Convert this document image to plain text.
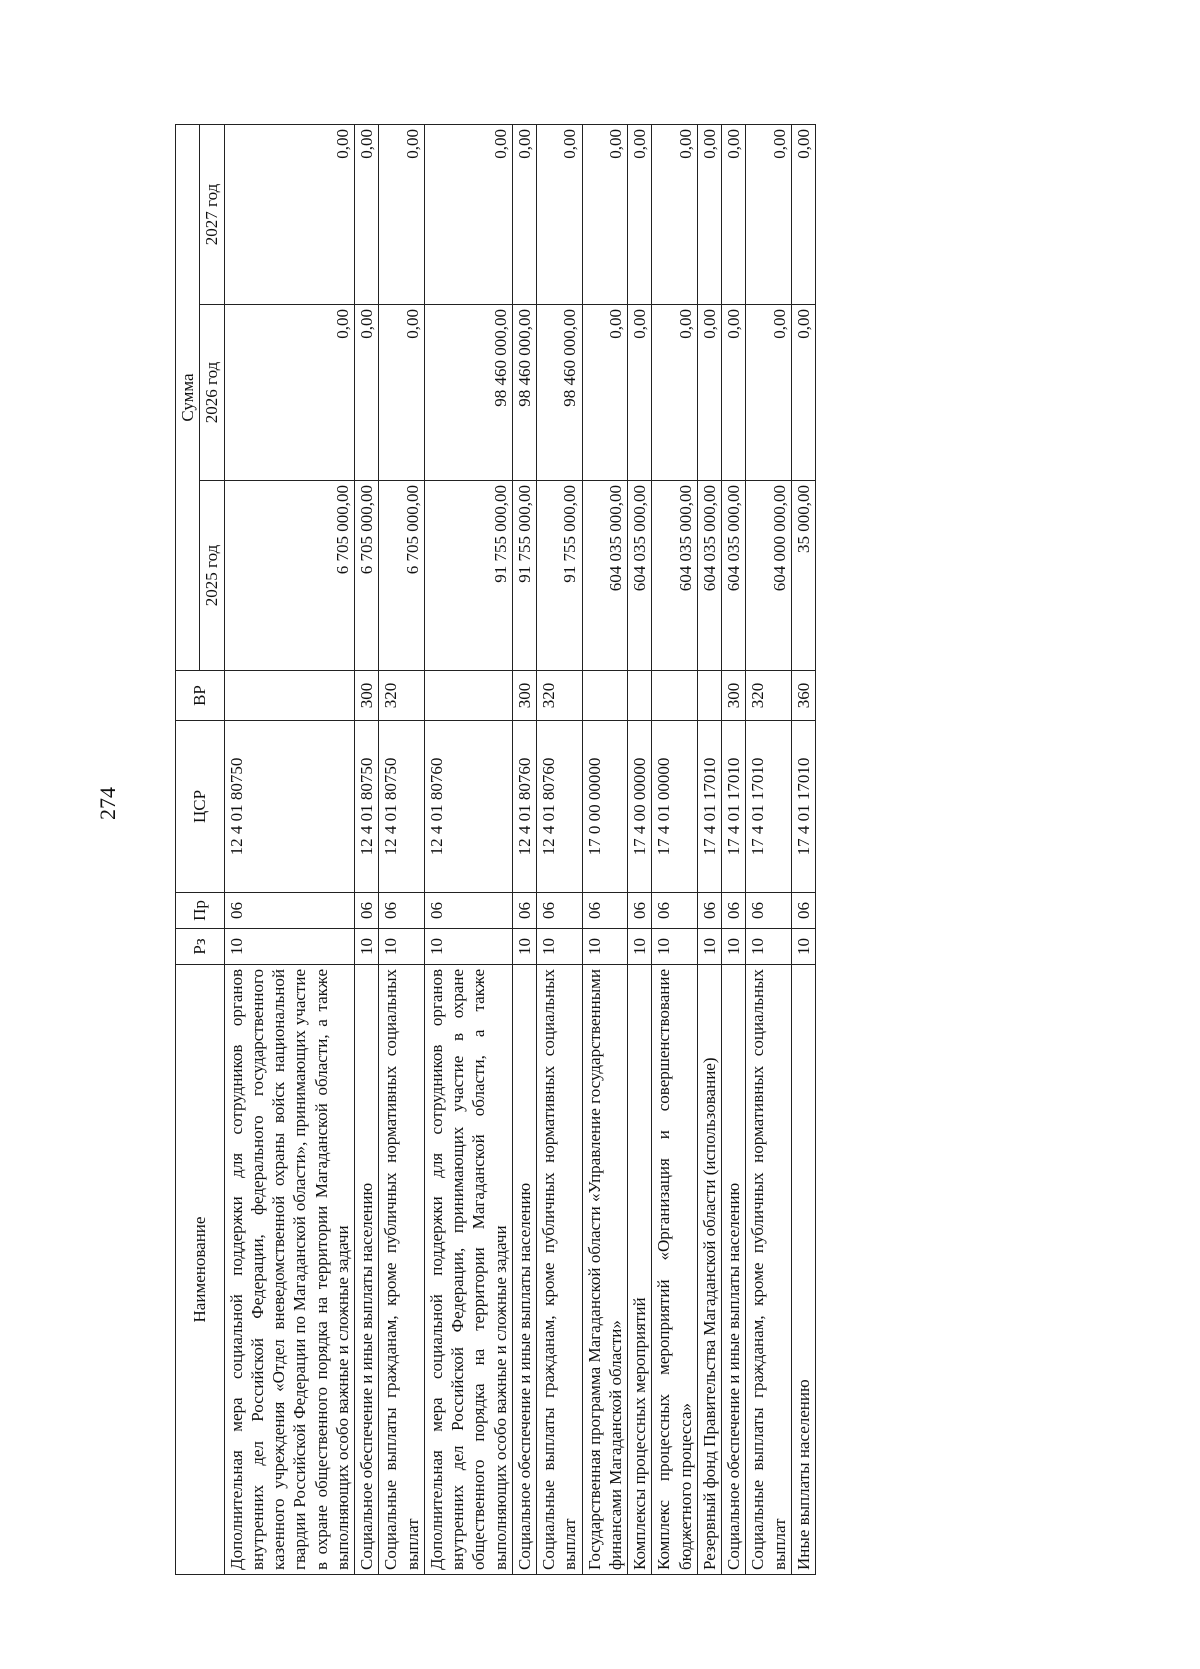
274
Наименование	Рз	Пр	ЦСР	ВР	Сумма		
					2025 год	2026 год	2027 год
Дополнительная мера социальной поддержки для сотрудников органов внутренних дел Российской Федерации, федерального государственного казенного учреждения «Отдел вневедомственной охраны войск национальной гвардии Российской Федерации по Магаданской области», принимающих участие в охране общественного порядка на территории Магаданской области, а также выполняющих особо важные и сложные задачи	10	06	12 4 01 80750		6 705 000,00	0,00	0,00
Социальное обеспечение и иные выплаты населению	10	06	12 4 01 80750	300	6 705 000,00	0,00	0,00
Социальные выплаты гражданам, кроме публичных нормативных социальных выплат	10	06	12 4 01 80750	320	6 705 000,00	0,00	0,00
Дополнительная мера социальной поддержки для сотрудников органов внутренних дел Российской Федерации, принимающих участие в охране общественного порядка на территории Магаданской области, а также выполняющих особо важные и сложные задачи	10	06	12 4 01 80760		91 755 000,00	98 460 000,00	0,00
Социальное обеспечение и иные выплаты населению	10	06	12 4 01 80760	300	91 755 000,00	98 460 000,00	0,00
Социальные выплаты гражданам, кроме публичных нормативных социальных выплат	10	06	12 4 01 80760	320	91 755 000,00	98 460 000,00	0,00
Государственная программа Магаданской области «Управление государственными финансами Магаданской области»	10	06	17 0 00 00000		604 035 000,00	0,00	0,00
Комплексы процессных мероприятий	10	06	17 4 00 00000		604 035 000,00	0,00	0,00
Комплекс процессных мероприятий «Организация и совершенствование бюджетного процесса»	10	06	17 4 01 00000		604 035 000,00	0,00	0,00
Резервный фонд Правительства Магаданской области (использование)	10	06	17 4 01 17010		604 035 000,00	0,00	0,00
Социальное обеспечение и иные выплаты населению	10	06	17 4 01 17010	300	604 035 000,00	0,00	0,00
Социальные выплаты гражданам, кроме публичных нормативных социальных выплат	10	06	17 4 01 17010	320	604 000 000,00	0,00	0,00
Иные выплаты населению	10	06	17 4 01 17010	360	35 000,00	0,00	0,00
